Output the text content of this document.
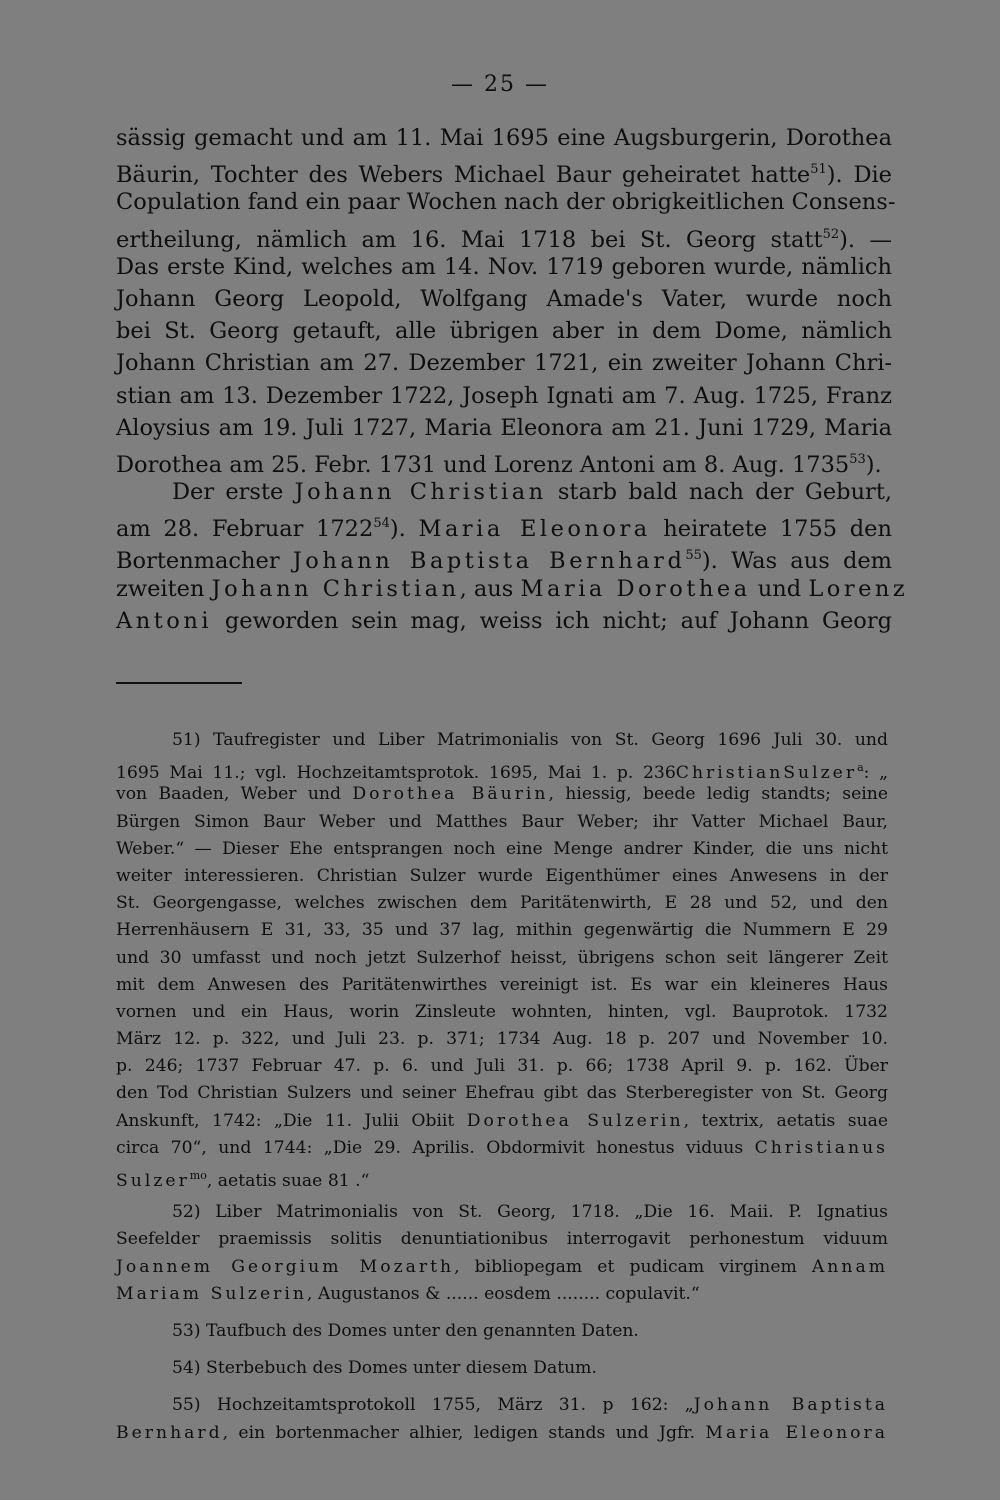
— 25 —
sässig gemacht und am 11. Mai 1695 eine Augsburgerin, Dorothea
Bäurin, Tochter des Webers Michael Baur geheiratet hatte$^{51}$). Die
Copulation fand ein paar Wochen nach der obrigkeitlichen Consens-
ertheilung, nämlich am 16. Mai 1718 bei St. Georg statt$^{52}$). —
Das erste Kind, welches am 14. Nov. 1719 geboren wurde, nämlich
Johann Georg Leopold, Wolfgang Amade's Vater, wurde noch
bei St. Georg getauft, alle übrigen aber in dem Dome, nämlich
Johann Christian am 27. Dezember 1721, ein zweiter Johann Chri-
stian am 13. Dezember 1722, Joseph Ignati am 7. Aug. 1725, Franz
Aloysius am 19. Juli 1727, Maria Eleonora am 21. Juni 1729, Maria
Dorothea am 25. Febr. 1731 und Lorenz Antoni am 8. Aug. 1735$^{53}$).
Der erste Johann Christian starb bald nach der Geburt,
am 28. Februar 1722$^{54}$). Maria Eleonora heiratete 1755 den
Bortenmacher Johann Baptista Bernhard$^{55}$). Was aus dem
zweiten Johann Christian, aus Maria Dorothea und Lorenz
Antoni geworden sein mag, weiss ich nicht; auf Johann Georg
51) Taufregister und Liber Matrimonialis von St. Georg 1696 Juli 30. und
1695 Mai 11.; vgl. Hochzeitamtsprotok. 1695, Mai 1. p. 236ChristianSulzer$^a$: „
von Baaden, Weber und Dorothea Bäurin, hiessig, beede ledig standts; seine
Bürgen Simon Baur Weber und Matthes Baur Weber; ihr Vatter Michael Baur,
Weber.“ — Dieser Ehe entsprangen noch eine Menge andrer Kinder, die uns nicht
weiter interessieren. Christian Sulzer wurde Eigenthümer eines Anwesens in der
St. Georgengasse, welches zwischen dem Paritätenwirth, E 28 und 52, und den
Herrenhäusern E 31, 33, 35 und 37 lag, mithin gegenwärtig die Nummern E 29
und 30 umfasst und noch jetzt Sulzerhof heisst, übrigens schon seit längerer Zeit
mit dem Anwesen des Paritätenwirthes vereinigt ist. Es war ein kleineres Haus
vornen und ein Haus, worin Zinsleute wohnten, hinten, vgl. Bauprotok. 1732
März 12. p. 322, und Juli 23. p. 371; 1734 Aug. 18 p. 207 und November 10.
p. 246; 1737 Februar 47. p. 6. und Juli 31. p. 66; 1738 April 9. p. 162. Über
den Tod Christian Sulzers und seiner Ehefrau gibt das Sterberegister von St. Georg
Anskunft, 1742: „Die 11. Julii Obiit Dorothea Sulzerin, textrix, aetatis suae
circa 70“, und 1744: „Die 29. Aprilis. Obdormivit honestus viduus Christianus
Sulzer$^{mo}$, aetatis suae 81 .“
52) Liber Matrimonialis von St. Georg, 1718. „Die 16. Maii. P. Ignatius
Seefelder praemissis solitis denuntiationibus interrogavit perhonestum viduum
Joannem Georgium Mozarth, bibliopegam et pudicam virginem Annam
Mariam Sulzerin, Augustanos & ...... eosdem ........ copulavit.“
53) Taufbuch des Domes unter den genannten Daten.
54) Sterbebuch des Domes unter diesem Datum.
55) Hochzeitamtsprotokoll 1755, März 31. p 162: „Johann Baptista
Bernhard, ein bortenmacher alhier, ledigen stands und Jgfr. Maria Eleonora
